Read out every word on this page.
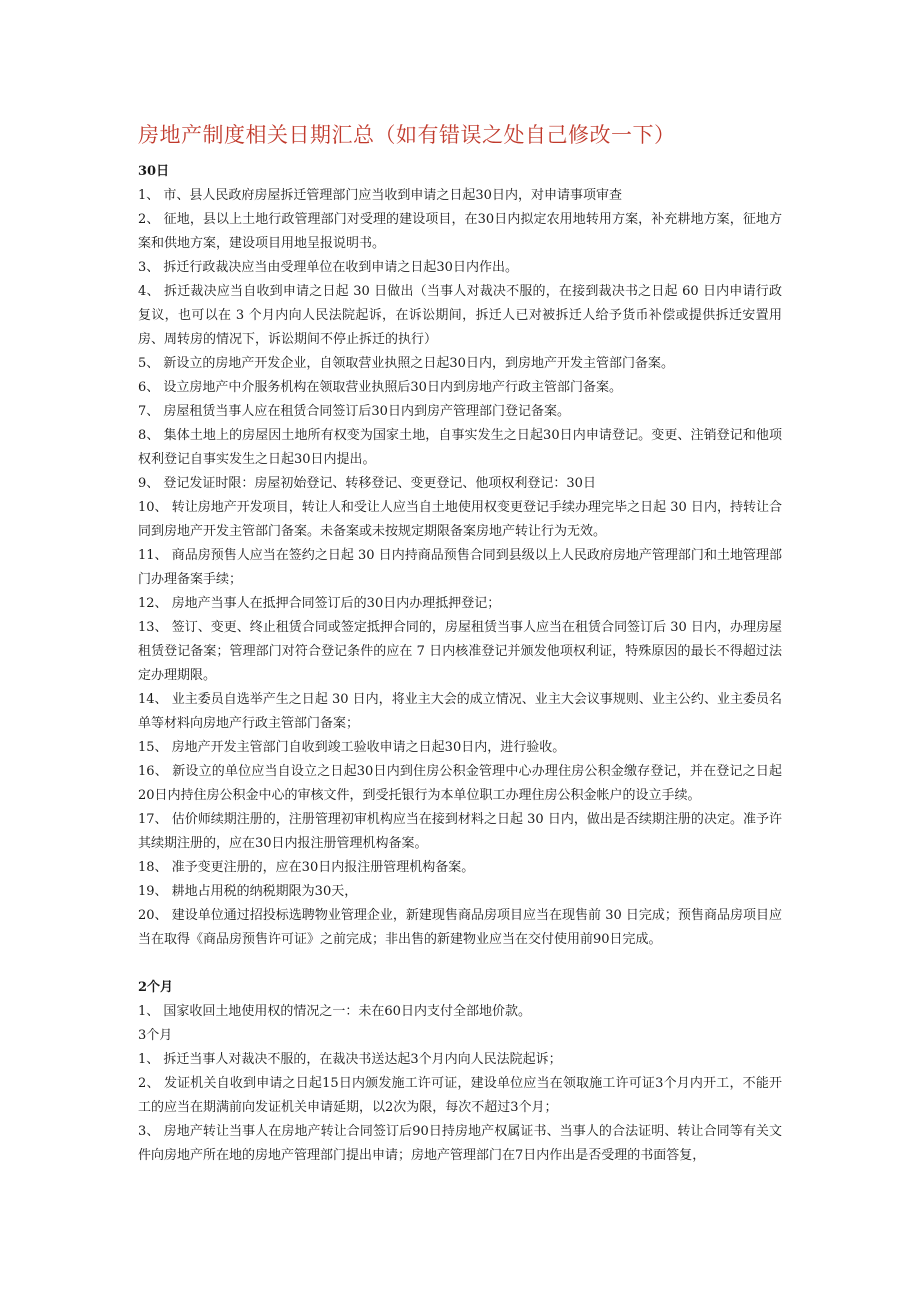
房地产制度相关日期汇总（如有错误之处自己修改一下）

30日

1、 市、县人民政府房屋拆迁管理部门应当收到申请之日起30日内，对申请事项审查

2、 征地，县以上土地行政管理部门对受理的建设项目，在30日内拟定农用地转用方案，补充耕地方案，征地方案和供地方案，建设项目用地呈报说明书。

3、 拆迁行政裁决应当由受理单位在收到申请之日起30日内作出。

4、 拆迁裁决应当自收到申请之日起 30 日做出（当事人对裁决不服的，在接到裁决书之日起 60 日内申请行政复议，也可以在 3 个月内向人民法院起诉，在诉讼期间，拆迁人已对被拆迁人给予货币补偿或提供拆迁安置用房、周转房的情况下，诉讼期间不停止拆迁的执行）

5、 新设立的房地产开发企业，自领取营业执照之日起30日内，到房地产开发主管部门备案。

6、 设立房地产中介服务机构在领取营业执照后30日内到房地产行政主管部门备案。

7、 房屋租赁当事人应在租赁合同签订后30日内到房产管理部门登记备案。

8、 集体土地上的房屋因土地所有权变为国家土地，自事实发生之日起30日内申请登记。变更、注销登记和他项权利登记自事实发生之日起30日内提出。

9、 登记发证时限：房屋初始登记、转移登记、变更登记、他项权利登记：30日

10、 转让房地产开发项目，转让人和受让人应当自土地使用权变更登记手续办理完毕之日起 30 日内，持转让合同到房地产开发主管部门备案。未备案或未按规定期限备案房地产转让行为无效。

11、 商品房预售人应当在签约之日起 30 日内持商品预售合同到县级以上人民政府房地产管理部门和土地管理部门办理备案手续；

12、 房地产当事人在抵押合同签订后的30日内办理抵押登记；

13、 签订、变更、终止租赁合同或签定抵押合同的，房屋租赁当事人应当在租赁合同签订后 30 日内，办理房屋租赁登记备案；管理部门对符合登记条件的应在 7 日内核准登记并颁发他项权利证，特殊原因的最长不得超过法定办理期限。

14、 业主委员自选举产生之日起 30 日内，将业主大会的成立情况、业主大会议事规则、业主公约、业主委员名单等材料向房地产行政主管部门备案；

15、 房地产开发主管部门自收到竣工验收申请之日起30日内，进行验收。

16、 新设立的单位应当自设立之日起30日内到住房公积金管理中心办理住房公积金缴存登记，并在登记之日起20日内持住房公积金中心的审核文件，到受托银行为本单位职工办理住房公积金帐户的设立手续。

17、 估价师续期注册的，注册管理初审机构应当在接到材料之日起 30 日内，做出是否续期注册的决定。准予许其续期注册的，应在30日内报注册管理机构备案。

18、 准予变更注册的，应在30日内报注册管理机构备案。

19、 耕地占用税的纳税期限为30天，

20、 建设单位通过招投标选聘物业管理企业，新建现售商品房项目应当在现售前 30 日完成；预售商品房项目应当在取得《商品房预售许可证》之前完成；非出售的新建物业应当在交付使用前90日完成。

2个月

1、 国家收回土地使用权的情况之一：未在60日内支付全部地价款。

3个月

1、 拆迁当事人对裁决不服的，在裁决书送达起3个月内向人民法院起诉；

2、 发证机关自收到申请之日起15日内颁发施工许可证，建设单位应当在领取施工许可证3个月内开工，不能开工的应当在期满前向发证机关申请延期，以2次为限，每次不超过3个月；

3、 房地产转让当事人在房地产转让合同签订后90日持房地产权属证书、当事人的合法证明、转让合同等有关文件向房地产所在地的房地产管理部门提出申请；房地产管理部门在7日内作出是否受理的书面答复，
